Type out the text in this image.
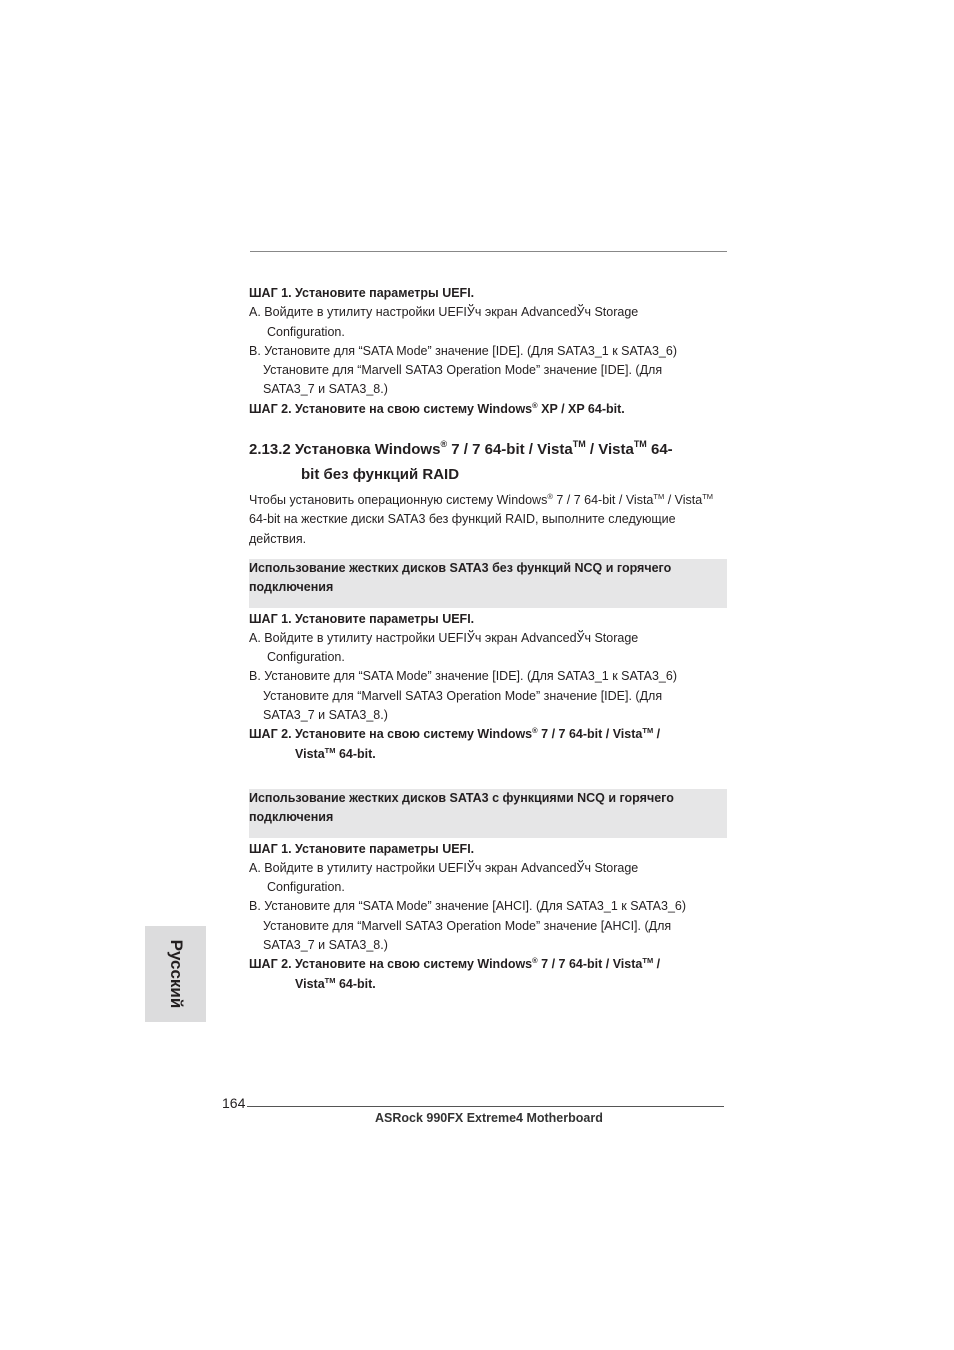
ШАГ 1. Установите параметры UEFI.
A. Войдите в утилиту настройки UEFIЎч экран AdvancedЎч Storage
Configuration.
B. Установите для “SATA Mode” значение [IDE]. (Для SATA3_1 к SATA3_6)
Установите для “Marvell SATA3 Operation Mode” значение [IDE]. (Для
SATA3_7 и SATA3_8.)
ШАГ 2. Установите на свою систему Windows® XP / XP 64-bit.
2.13.2 Установка Windows® 7 / 7 64-bit / Vista™ / Vista™ 64-
bit без функций RAID
Чтобы установить операционную систему Windows® 7 / 7 64-bit / Vista™ / Vista™
64-bit на жесткие диски SATA3 без функций RAID, выполните следующие
действия.
Использование жестких дисков SATA3 без функций NCQ и горячего
подключения
ШАГ 1. Установите параметры UEFI.
A. Войдите в утилиту настройки UEFIЎч экран AdvancedЎч Storage
Configuration.
B. Установите для “SATA Mode” значение [IDE]. (Для SATA3_1 к SATA3_6)
Установите для “Marvell SATA3 Operation Mode” значение [IDE]. (Для
SATA3_7 и SATA3_8.)
ШАГ 2. Установите на свою систему Windows® 7 / 7 64-bit / Vista™ /
Vista™ 64-bit.
Использование жестких дисков SATA3 с функциями NCQ и горячего
подключения
ШАГ 1. Установите параметры UEFI.
A. Войдите в утилиту настройки UEFIЎч экран AdvancedЎч Storage
Configuration.
B. Установите для “SATA Mode” значение [AHCI]. (Для SATA3_1 к SATA3_6)
Установите для “Marvell SATA3 Operation Mode” значение [AHCI]. (Для
SATA3_7 и SATA3_8.)
ШАГ 2. Установите на свою систему Windows® 7 / 7 64-bit / Vista™ /
Vista™ 64-bit.
Русский
164
ASRock 990FX Extreme4 Motherboard
